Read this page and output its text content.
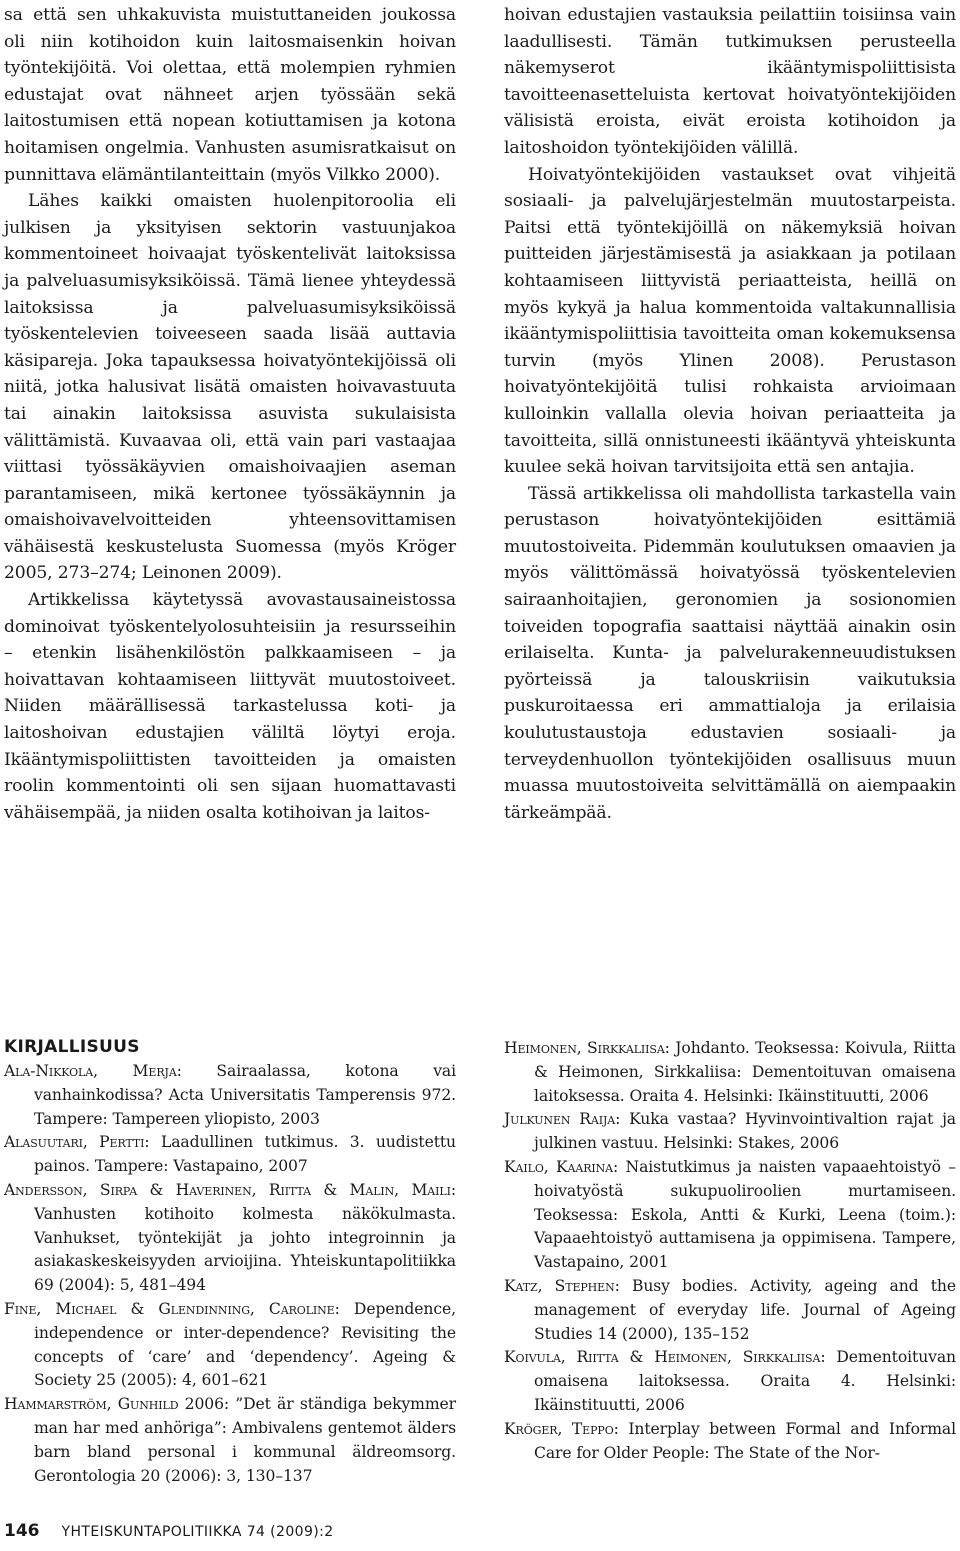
sa että sen uhkakuvista muistuttaneiden joukossa oli niin kotihoidon kuin laitosmaisenkin hoivan työntekijöitä. Voi olettaa, että molempien ryhmien edustajat ovat nähneet arjen työssään sekä laitostumisen että nopean kotiuttamisen ja kotona hoitamisen ongelmia. Vanhusten asumisratkaisut on punnittava elämäntilanteittain (myös Vilkko 2000).

Lähes kaikki omaisten huolenpitoroolia eli julkisen ja yksityisen sektorin vastuunjakoa kommentoineet hoivaajat työskentelivät laitoksissa ja palveluasumisyksiköissä. Tämä lienee yhteydessä laitoksissa ja palveluasumisyksiköissä työskentelevien toiveeseen saada lisää auttavia käsipareja. Joka tapauksessa hoivatyöntekijöissä oli niitä, jotka halusivat lisätä omaisten hoivavastuuta tai ainakin laitoksissa asuvista sukulaisista välittämistä. Kuvaavaa oli, että vain pari vastaajaa viittasi työssäkäyvien omaishoivaajien aseman parantamiseen, mikä kertonee työssäkäynnin ja omaishoivavelvoitteiden yhteensovittamisen vähäisestä keskustelusta Suomessa (myös Kröger 2005, 273–274; Leinonen 2009).

Artikkelissa käytetyssä avovastausaineistossa dominoivat työskentelyolosuhteisiin ja resursseihin – etenkin lisähenkilöstön palkkaamiseen – ja hoivattavan kohtaamiseen liittyvät muutostoiveet. Niiden määrällisessä tarkastelussa koti- ja laitoshoivan edustajien väliltä löytyi eroja. Ikääntymispoliittisten tavoitteiden ja omaisten roolin kommentointi oli sen sijaan huomattavasti vähäisempää, ja niiden osalta kotihoivan ja laitos-

hoivan edustajien vastauksia peilattiin toisiinsa vain laadullisesti. Tämän tutkimuksen perusteella näkemyserot ikääntymispoliittisista tavoitteenasetteluista kertovat hoivatyöntekijöiden välisistä eroista, eivät eroista kotihoidon ja laitoshoidon työntekijöiden välillä.

Hoivatyöntekijöiden vastaukset ovat vihjeitä sosiaali- ja palvelujärjestelmän muutostarpeista. Paitsi että työntekijöillä on näkemyksiä hoivan puitteiden järjestämisestä ja asiakkaan ja potilaan kohtaamiseen liittyvistä periaatteista, heillä on myös kykyä ja halua kommentoida valtakunnallisia ikääntymispoliittisia tavoitteita oman kokemuksensa turvin (myös Ylinen 2008). Perustason hoivatyöntekijöitä tulisi rohkaista arvioimaan kulloinkin vallalla olevia hoivan periaatteita ja tavoitteita, sillä onnistuneesti ikääntyvä yhteiskunta kuulee sekä hoivan tarvitsijoita että sen antajia.

Tässä artikkelissa oli mahdollista tarkastella vain perustason hoivatyöntekijöiden esittämiä muutostoiveita. Pidemmän koulutuksen omaavien ja myös välittömässä hoivatyössä työskentelevien sairaanhoitajien, geronomien ja sosionomien toiveiden topografia saattaisi näyttää ainakin osin erilaiselta. Kunta- ja palvelurakenneuudistuksen pyörteissä ja talouskriisin vaikutuksia puskuroitaessa eri ammattialoja ja erilaisia koulutustaustoja edustavien sosiaali- ja terveydenhuollon työntekijöiden osallisuus muun muassa muutostoiveita selvittämällä on aiempaakin tärkeämpää.

KIRJALLISUUS

Ala-Nikkola, Merja: Sairaalassa, kotona vai vanhainkodissa? Acta Universitatis Tamperensis 972. Tampere: Tampereen yliopisto, 2003

Alasuutari, Pertti: Laadullinen tutkimus. 3. uudistettu painos. Tampere: Vastapaino, 2007

Andersson, Sirpa & Haverinen, Riitta & Malin, Maili: Vanhusten kotihoito kolmesta näkökulmasta. Vanhukset, työntekijät ja johto integroinnin ja asiakaskeskeisyyden arvioijina. Yhteiskuntapolitiikka 69 (2004): 5, 481–494

Fine, Michael & Glendinning, Caroline: Dependence, independence or inter-dependence? Revisiting the concepts of ‘care’ and ‘dependency’. Ageing & Society 25 (2005): 4, 601–621

Hammarström, Gunhild 2006: ”Det är ständiga bekymmer man har med anhöriga”: Ambivalens gentemot älders barn bland personal i kommunal äldreomsorg. Gerontologia 20 (2006): 3, 130–137

Heimonen, Sirkkaliisa: Johdanto. Teoksessa: Koivula, Riitta & Heimonen, Sirkkaliisa: Dementoituvan omaisena laitoksessa. Oraita 4. Helsinki: Ikäinstituutti, 2006

Julkunen Raija: Kuka vastaa? Hyvinvointivaltion rajat ja julkinen vastuu. Helsinki: Stakes, 2006

Kailo, Kaarina: Naistutkimus ja naisten vapaaehtoistyö – hoivatyöstä sukupuoliroolien murtamiseen. Teoksessa: Eskola, Antti & Kurki, Leena (toim.): Vapaaehtoistyö auttamisena ja oppimisena. Tampere, Vastapaino, 2001

Katz, Stephen: Busy bodies. Activity, ageing and the management of everyday life. Journal of Ageing Studies 14 (2000), 135–152

Koivula, Riitta & Heimonen, Sirkkaliisa: Dementoituvan omaisena laitoksessa. Oraita 4. Helsinki: Ikäinstituutti, 2006

Kröger, Teppo: Interplay between Formal and Informal Care for Older People: The State of the Nor-

146 YHTEISKUNTAPOLITIIKKA 74 (2009):2
